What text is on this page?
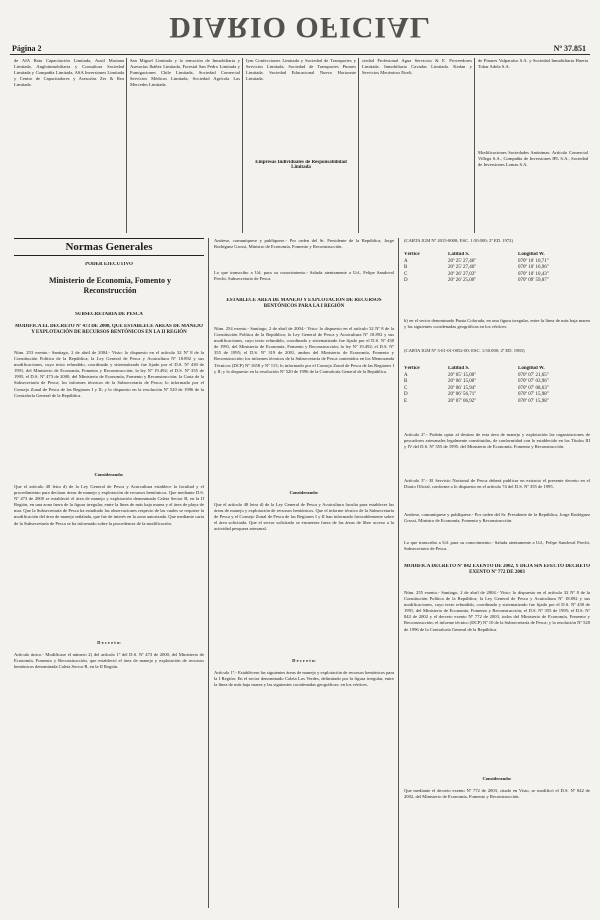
DIARIO OFICIAL
Página 2	Nº 37.851
de AIA Bata Capacitación Limitada, Ausil Mariana Limitada, Angloinmobiliaria y Consultora Sociedad Limitada y Compañía Limitada, ASA Inversiones Limitada y Centro de Capacitadores y Asesorías Zer & Rea Limitada.
San Miguel Limitada y la remoción de Inmobiliaria y Asesorías Ibáñez Limitada, Forestal San Pedro Limitada y Fumigaciones Chile Limitada, Sociedad Comercial Servicios Médicos Limitada, Sociedad Agrícola Las Mercedes Limitada.
Iym Confecciones Limitada y Sociedad de Transportes y Servicios Limitada. Sociedad de Transportes Pinares Limitada. Sociedad Educacional Nuevo Horizonte Limitada.
Empresas Individuales de Responsabilidad Limitada
ciedad Profesional Agua Servicios & E. Proveedores Limitada. Inmobiliaria Cavadas Limitada. Kedan y Servicios Mecánicos Eireli.
de Pinares Valparaíso S.A. y Sociedad Inmobiliaria Huerta Tobar Adela S.A.
Modificaciones Sociedades Anónimas: Artículo Comercial Villega S.A., Compañía de Inversiones IPL S.A., Sociedad de Inversiones Lomas S.A.
Normas Generales
PODER EJECUTIVO
Ministerio de Economía, Fomento y Reconstrucción
SUBSECRETARÍA DE PESCA
MODIFICA EL DECRETO Nº 473 DE 2000, QUE ESTABLECE ÁREAS DE MANEJO Y EXPLOTACIÓN DE RECURSOS BENTÓNICOS EN LA II REGIÓN
Núm. 253 exento.- Santiago, 2 de abril de 2004.- Visto: lo dispuesto en el artículo 32 Nº 8 de la Constitución Política de la República; la Ley General de Pesca y Acuicultura Nº 18.892 y sus modificaciones, cuyo texto refundido, coordinado y sistematizado fue fijado por el D.S. Nº 430 de 1991, del Ministerio de Economía, Fomento y Reconstrucción; la ley Nº 19.492; el D.S. Nº 355 de 1995, el D.S. Nº 473 de 2000, del Ministerio de Economía, Fomento y Reconstrucción; la Carta de la Subsecretaría de Pesca; los informes técnicos de la Subsecretaría de Pesca; lo informado por el Consejo Zonal de Pesca de las Regiones I y II; y lo dispuesto en la resolución Nº 520 de 1996 de la Contraloría General de la República.
Considerando:
Que el artículo 48 letra d) de la Ley General de Pesca y Acuicultura establece la facultad y el procedimiento para declarar áreas de manejo y explotación de recursos bentónicos. Que mediante D.S. Nº 473 de 2000 se estableció el área de manejo y explotación denominada Caleta Sector B, en la II Región, en una zona fuera de la figura irregular, entre la línea de más baja marea y el área de playa de mar. Que la Subsecretaría de Pesca ha estudiado las observaciones respecto de las cuales se requiere la modificación del área de manejo señalada, que fue de interés en la zona autorizada. Que mediante carta de la Subsecretaría de Pesca se ha informado sobre la procedencia de la modificación.
D e c r e t o:
Artículo único.- Modifícase el número 2) del artículo 1º del D.S. Nº 473 de 2000, del Ministerio de Economía, Fomento y Reconstrucción, que estableció el área de manejo y explotación de recursos bentónicos denominada Caleta Sector B, en la II Región.
Anótese, comuníquese y publíquese.- Por orden del Sr. Presidente de la República, Jorge Rodríguez Grossi, Ministro de Economía, Fomento y Reconstrucción.
Lo que transcribo a Ud. para su conocimiento.- Saluda atentamente a Ud., Felipe Sandoval Precht, Subsecretario de Pesca.
ESTABLECE ÁREA DE MANEJO Y EXPLOTACIÓN DE RECURSOS BENTÓNICOS PARA LA I REGIÓN
Núm. 254 exento.- Santiago, 2 de abril de 2004.- Visto: lo dispuesto en el artículo 32 Nº 8 de la Constitución Política de la República; la Ley General de Pesca y Acuicultura Nº 18.892 y sus modificaciones, cuyo texto refundido, coordinado y sistematizado fue fijado por el D.S. Nº 430 de 1991, del Ministerio de Economía, Fomento y Reconstrucción; la ley Nº 19.492; el D.S. Nº 355 de 1995; el D.S. Nº 319 de 2001, ambos del Ministerio de Economía, Fomento y Reconstrucción; los informes técnicos de la Subsecretaría de Pesca contenidos en los Memoranda Técnicos (DCP) Nº 1658 y Nº 115; lo informado por el Consejo Zonal de Pesca de las Regiones I y II; y lo dispuesto en la resolución Nº 520 de 1996 de la Contraloría General de la República.
Considerando:
Que el artículo 48 letra d) de la Ley General de Pesca y Acuicultura faculta para establecer las áreas de manejo y explotación de recursos bentónicos. Que el informe técnico de la Subsecretaría de Pesca y el Consejo Zonal de Pesca de las Regiones I y II han informado favorablemente sobre el área solicitada. Que el sector solicitado se encuentra fuera de las áreas de libre acceso a la actividad pesquera artesanal.
D e c r e t o:
Artículo 1º.- Establécese las siguientes áreas de manejo y explotación de recursos bentónicos para la I Región: En el sector denominado Caleta Los Verdes, delimitado por la figura irregular, entre la línea de más baja marea y las siguientes coordenadas geográficas: en los vértices.
(CARTA IGM Nº 2015-0000; ESC. 1:50.000; 2º ED. 1972)
Vértice	Latitud S.	Longitud W.
A	20º 25' 27,46"	070º 10' 10,71"
B	20º 25' 27,46"	070º 10' 16,96"
C	20º 26' 27,03"	070º 10' 10,43"
D	20º 26' 25,00"	070º 09' 59,87"
b) en el sector denominado Punta Colorada, en una figura irregular, entre la línea de más baja marea y las siguientes coordenadas geográficas en los vértices:
(CARTA IGM Nº 3-01-01-0052-00; ESC. 1:50.000; 2º ED. 1983)
Vértice	Latitud S.	Longitud W.
A	20º 05' 15,00"	070º 07' 21,65"
B	20º 06' 15,00"	070º 07' 03,96"
C	20º 06' 15,94"	070º 07' 08,63"
D	20º 06' 56,71"	070º 07' 15,98"
E	20º 07' 06,92"	070º 07' 15,98"
Artículo 2º.- Podrán optar al destino de esta área de manejo y explotación las organizaciones de pescadores artesanales legalmente constituidas, de conformidad con lo establecido en los Títulos III y IV del D.S. Nº 355 de 1995, del Ministerio de Economía, Fomento y Reconstrucción.
Artículo 3º.- El Servicio Nacional de Pesca deberá publicar en extracto el presente decreto en el Diario Oficial, conforme a lo dispuesto en el artículo 74 del D.S. Nº 355 de 1995.
Anótese, comuníquese y publíquese.- Por orden del Sr. Presidente de la República, Jorge Rodríguez Grossi, Ministro de Economía, Fomento y Reconstrucción.
Lo que transcribo a Ud. para su conocimiento.- Saluda atentamente a Ud., Felipe Sandoval Precht, Subsecretario de Pesca.
MODIFICA DECRETO Nº 842 EXENTO DE 2002, Y DEJA SIN EFECTO DECRETO EXENTO Nº 772 DE 2003
Núm. 255 exento.- Santiago, 2 de abril de 2004.- Visto: lo dispuesto en el artículo 32 Nº 8 de la Constitución Política de la República; la Ley General de Pesca y Acuicultura Nº 18.892 y sus modificaciones, cuyo texto refundido, coordinado y sistematizado fue fijado por el D.S. Nº 430 de 1991, del Ministerio de Economía, Fomento y Reconstrucción; el D.S. Nº 355 de 1995; el D.S. Nº 842 de 2002 y el decreto exento Nº 772 de 2003, todos del Ministerio de Economía, Fomento y Reconstrucción; el informe técnico (DCP) Nº 10 de la Subsecretaría de Pesca; y la resolución Nº 520 de 1996 de la Contraloría General de la República.
Considerando:
Que mediante el decreto exento Nº 772 de 2003, citado en Visto, se modificó el D.S. Nº 842 de 2002, del Ministerio de Economía, Fomento y Reconstrucción.
